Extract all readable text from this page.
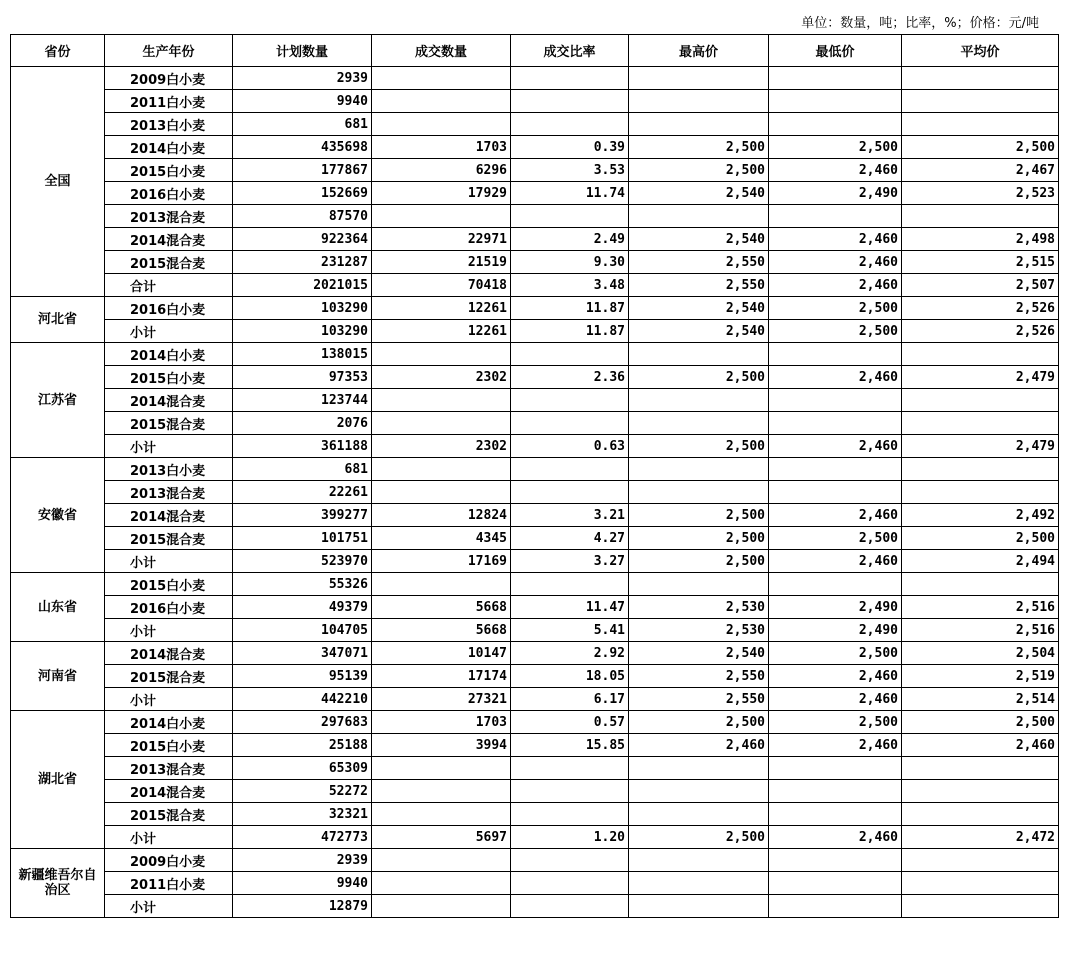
单位：数量，吨；比率，%；价格：元/吨
省份	生产年份	计划数量	成交数量	成交比率	最高价	最低价	平均价
全国	2009白小麦	2939					
	2011白小麦	9940					
	2013白小麦	681					
	2014白小麦	435698	1703	0.39	2,500	2,500	2,500
	2015白小麦	177867	6296	3.53	2,500	2,460	2,467
	2016白小麦	152669	17929	11.74	2,540	2,490	2,523
	2013混合麦	87570					
	2014混合麦	922364	22971	2.49	2,540	2,460	2,498
	2015混合麦	231287	21519	9.30	2,550	2,460	2,515
	合计	2021015	70418	3.48	2,550	2,460	2,507
河北省	2016白小麦	103290	12261	11.87	2,540	2,500	2,526
	小计	103290	12261	11.87	2,540	2,500	2,526
江苏省	2014白小麦	138015					
	2015白小麦	97353	2302	2.36	2,500	2,460	2,479
	2014混合麦	123744					
	2015混合麦	2076					
	小计	361188	2302	0.63	2,500	2,460	2,479
安徽省	2013白小麦	681					
	2013混合麦	22261					
	2014混合麦	399277	12824	3.21	2,500	2,460	2,492
	2015混合麦	101751	4345	4.27	2,500	2,500	2,500
	小计	523970	17169	3.27	2,500	2,460	2,494
山东省	2015白小麦	55326					
	2016白小麦	49379	5668	11.47	2,530	2,490	2,516
	小计	104705	5668	5.41	2,530	2,490	2,516
河南省	2014混合麦	347071	10147	2.92	2,540	2,500	2,504
	2015混合麦	95139	17174	18.05	2,550	2,460	2,519
	小计	442210	27321	6.17	2,550	2,460	2,514
湖北省	2014白小麦	297683	1703	0.57	2,500	2,500	2,500
	2015白小麦	25188	3994	15.85	2,460	2,460	2,460
	2013混合麦	65309					
	2014混合麦	52272					
	2015混合麦	32321					
	小计	472773	5697	1.20	2,500	2,460	2,472
新疆维吾尔自治区	2009白小麦	2939					
	2011白小麦	9940					
	小计	12879					
